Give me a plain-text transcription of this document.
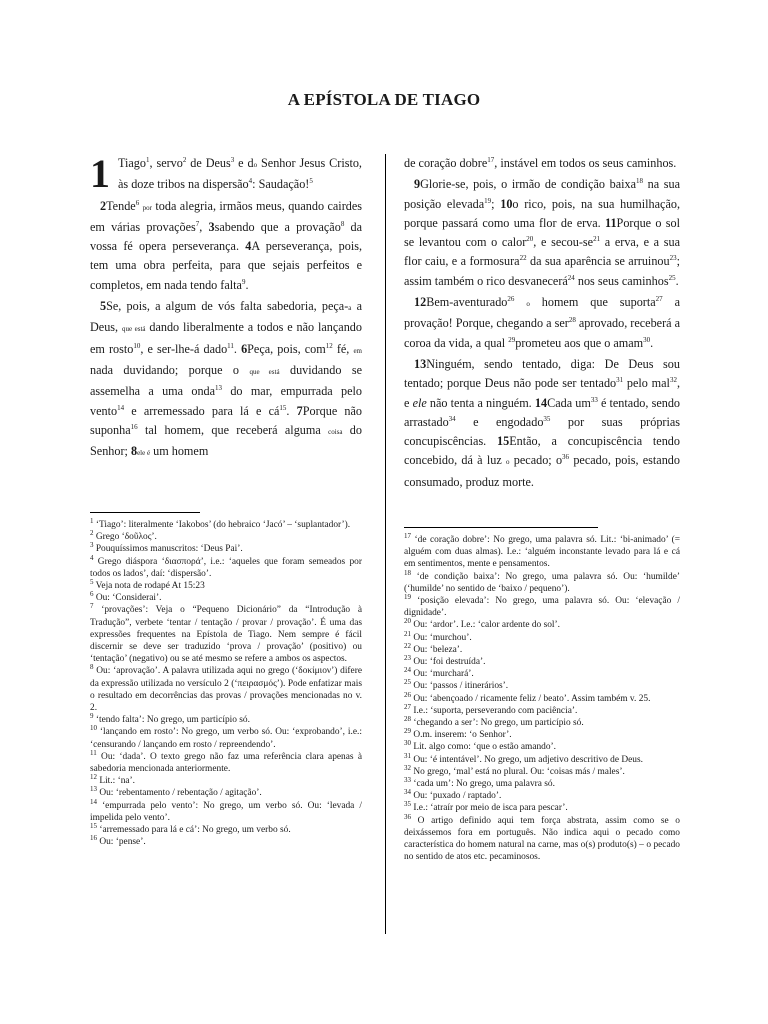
A EPÍSTOLA DE TIAGO

1 Tiago$^1$, servo$^2$ de Deus$^3$ e do Senhor Jesus Cristo, às doze tribos na dispersão$^4$: Saudação!$^5$

2Tende$^6$ por toda alegria, irmãos meus, quando cairdes em várias provações$^7$, 3sabendo que a provação$^8$ da vossa fé opera perseverança. 4A perseverança, pois, tem uma obra perfeita, para que sejais perfeitos e completos, em nada tendo falta$^9$.

5Se, pois, a algum de vós falta sabedoria, peça-a a Deus, que está dando liberalmente a todos e não lançando em rosto$^{10}$, e ser-lhe-á dado$^{11}$. 6Peça, pois, com$^{12}$ fé, em nada duvidando; porque o que está duvidando se assemelha a uma onda$^{13}$ do mar, empurrada pelo vento$^{14}$ e arremessado para lá e $cá^{15}$. 7Porque não suponha$^{16}$ tal homem, que receberá alguma coisa do Senhor; 8ele é um homem

de coração dobre$^{17}$, instável em todos os seus caminhos.

9Glorie-se, pois, o irmão de condição baixa$^{18}$ na sua posição elevada$^{19}$; 10o rico, pois, na sua humilhação, porque passará como uma flor de erva. 11Porque o sol se levantou com o calor$^{20}$, e secou-$se^{21}$ a erva, e a sua flor caiu, e a formosura$^{22}$ da sua aparência se arruinou$^{23}$; assim também o rico desvanecerá$^{24}$ nos seus caminhos$^{25}$.

12Bem-aventurado$^{26}$ o homem que suporta$^{27}$ a provação! Porque, chegando a ser$^{28}$ aprovado, receberá a coroa da vida, a qual $^{29}$prometeu aos que o amam$^{30}$.

13Ninguém, sendo tentado, diga: De Deus sou tentado; porque Deus não pode ser tentado$^{31}$ pelo mal$^{32}$, e ele não tenta a ninguém. 14Cada $um^{33}$ é tentado, sendo arrastado$^{34}$ e engodado$^{35}$ por suas próprias concupiscências. 15Então, a concupiscência tendo concebido, dá à luz o pecado; $o^{36}$ pecado, pois, estando consumado, produz morte.

$^1$ ‘Tiago’: literalmente ‘Iakobos’ (do hebraico ‘Jacó’ – ‘suplantador’).

$^2$ Grego ‘δοῦλος’.

$^3$ Pouquíssimos manuscritos: ‘Deus Pai’.

$^4$ Grego diáspora ‘διασπορά’, i.e.: ‘aqueles que foram semeados por todos os lados’, daí: ‘dispersão’.

$^5$ Veja nota de rodapé At 15:23

$^6$ Ou: ‘Considerai’.

$^7$ ‘provações’: Veja o “Pequeno Dicionário” da “Introdução à Tradução”, verbete ‘tentar / tentação / provar / provação’. É uma das expressões frequentes na Epístola de Tiago. Nem sempre é fácil discernir se deve ser traduzido ‘prova / provação’ (positivo) ou ‘tentação’ (negativo) ou se até mesmo se refere a ambos os aspectos.

$^8$ Ou: ‘aprovação’. A palavra utilizada aqui no grego (‘δοκίμιον’) difere da expressão utilizada no versículo 2 (‘πειρασμός’). Pode enfatizar mais o resultado em decorrências das provas / provações mencionadas no v. 2.

$^9$ ‘tendo falta’: No grego, um particípio só.

$^{10}$ ‘lançando em rosto’: No grego, um verbo só. Ou: ‘exprobando’, i.e.: ‘censurando / lançando em rosto / repreendendo’.

$^{11}$ Ou: ‘dada’. O texto grego não faz uma referência clara apenas à sabedoria mencionada anteriormente.

$^{12}$ Lit.: ‘na’.

$^{13}$ Ou: ‘rebentamento / rebentação / agitação’.

$^{14}$ ‘empurrada pelo vento’: No grego, um verbo só. Ou: ‘levada / impelida pelo vento’.

$^{15}$ ‘arremessado para lá e cá’: No grego, um verbo só.

$^{16}$ Ou: ‘pense’.

$^{17}$ ‘de coração dobre’: No grego, uma palavra só. Lit.: ‘bi-animado’ (= alguém com duas almas). I.e.: ‘alguém inconstante levado para lá e cá em sentimentos, mente e pensamentos.

$^{18}$ ‘de condição baixa’: No grego, uma palavra só. Ou: ‘humilde’ (‘humilde’ no sentido de ‘baixo / pequeno’).

$^{19}$ ‘posição elevada’: No grego, uma palavra só. Ou: ‘elevação / dignidade’.

$^{20}$ Ou: ‘ardor’. I.e.: ‘calor ardente do sol’.

$^{21}$ Ou: ‘murchou’.

$^{22}$ Ou: ‘beleza’.

$^{23}$ Ou: ‘foi destruída’.

$^{24}$ Ou: ‘murchará’.

$^{25}$ Ou: ‘passos / itinerários’.

$^{26}$ Ou: ‘abençoado / ricamente feliz / beato’. Assim também v. 25.

$^{27}$ I.e.: ‘suporta, perseverando com paciência’.

$^{28}$ ‘chegando a ser’: No grego, um particípio só.

$^{29}$ O.m. inserem: ‘o Senhor’.

$^{30}$ Lit. algo como: ‘que o estão amando’.

$^{31}$ Ou: ‘é intentável’. No grego, um adjetivo descritivo de Deus.

$^{32}$ No grego, ‘mal’ está no plural. Ou: ‘coisas más / males’.

$^{33}$ ‘cada um’: No grego, uma palavra só.

$^{34}$ Ou: ‘puxado / raptado’.

$^{35}$ I.e.: ‘atraír por meio de isca para pescar’.

$^{36}$ O artigo definido aqui tem força abstrata, assim como se o deixássemos fora em português. Não indica aqui o pecado como característica do homem natural na carne, mas o(s) produto(s) – o pecado no sentido de atos etc. pecaminosos.
